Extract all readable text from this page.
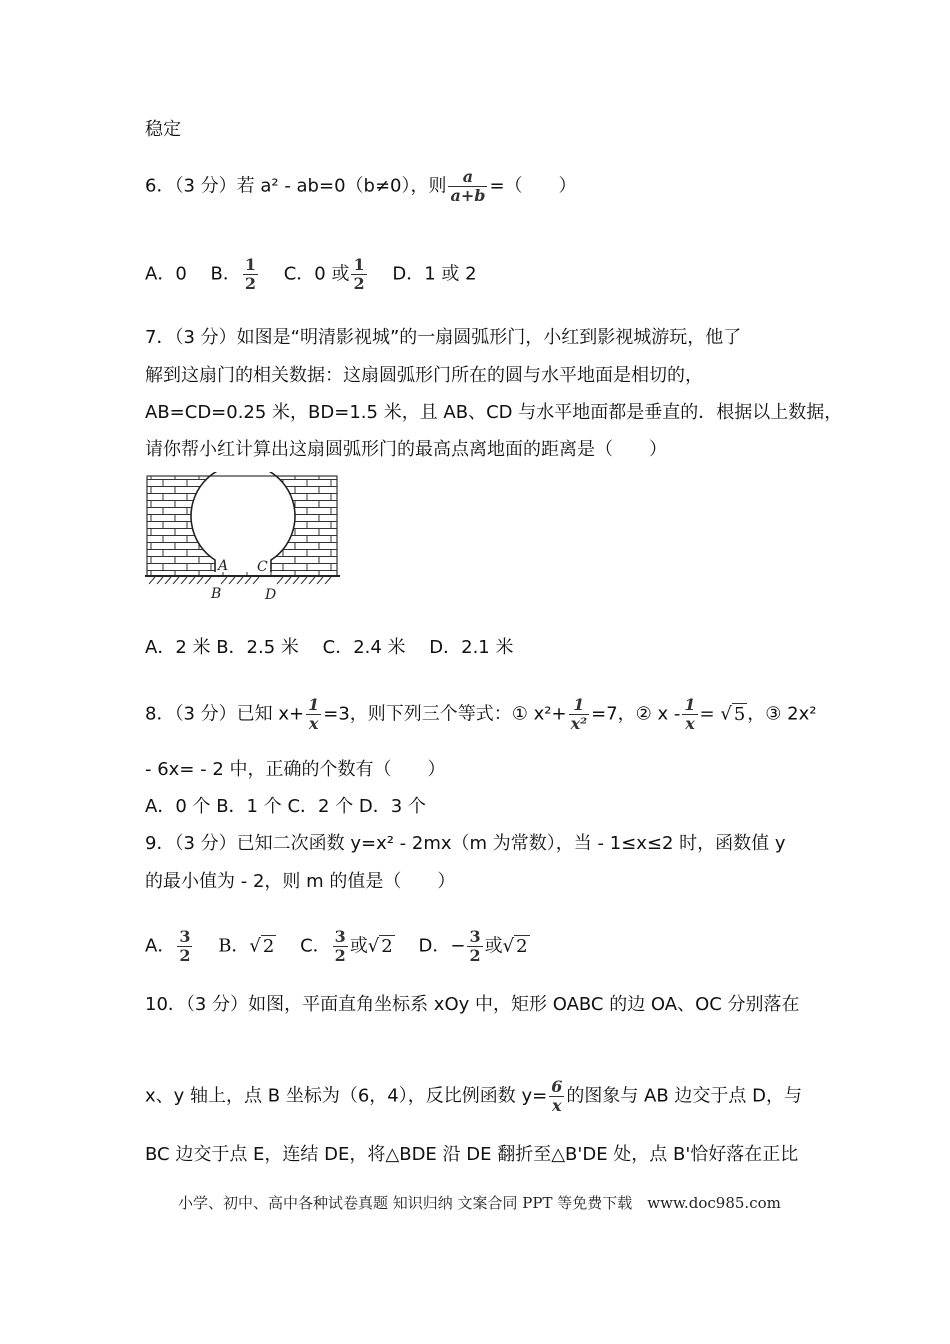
稳定
6．（3 分）若 a² ‐ ab=0（b≠0），则 $\frac{a}{a+b}$ =（　　）
A．0 B． $\frac{1}{2}$ C．0 或 $\frac{1}{2}$ D．1 或 2
7．（3 分）如图是“明清影视城”的一扇圆弧形门，小红到影视城游玩，他了
解到这扇门的相关数据：这扇圆弧形门所在的圆与水平地面是相切的，
AB=CD=0.25 米，BD=1.5 米，且 AB、CD 与水平地面都是垂直的．根据以上数据，
请你帮小红计算出这扇圆弧形门的最高点离地面的距离是（　　）
A
B
C
D
A．2 米 B．2.5 米　 C．2.4 米　 D．2.1 米
8．（3 分）已知 $x+ \frac{1}{x} =3$，则下列三个等式：① $x^2+ \frac{1}{\text{x²}} =7$，② x ‐ $\frac{1}{x}$ = √ 5 ，③ 2x²
‐ 6x= ‐ 2 中，正确的个数有（　　）
A．0 个 B．1 个 C．2 个 D．3 个
9．（3 分）已知二次函数 y=x² ‐ 2mx（m 为常数），当 ‐ 1≤x≤2 时，函数值 y
的最小值为 ‐ 2，则 m 的值是（　　）
A． $\frac{3}{2}$ B．√ 2 C． $\frac{3}{2}$ 或√ 2 D．− $\frac{3}{2}$ 或√ 2
10．（3 分）如图，平面直角坐标系 xOy 中，矩形 OABC 的边 OA、OC 分别落在
x、y 轴上，点 B 坐标为（6，4），反比例函数 $y= \frac{6}{x}$ 的图象与 AB 边交于点 D，与
BC 边交于点 E，连结 DE，将△BDE 沿 DE 翻折至△B'DE 处，点 B'恰好落在正比
小学、初中、高中各种试卷真题 知识归纳 文案合同 PPT 等免费下载　www.doc985.com
